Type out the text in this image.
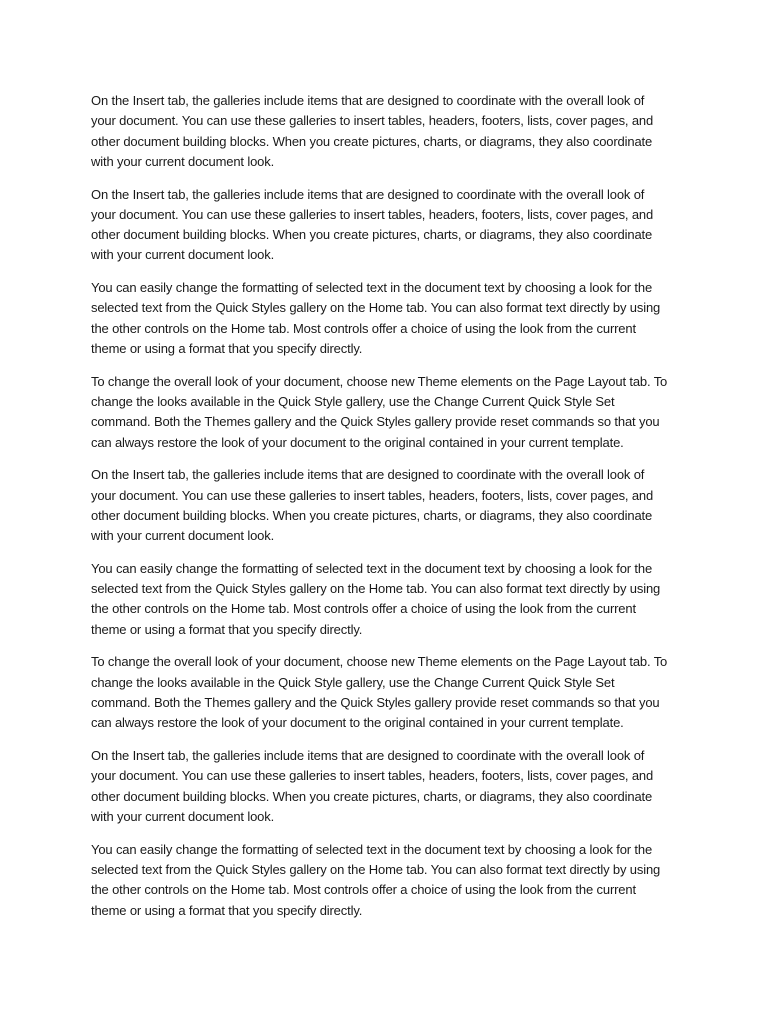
On the Insert tab, the galleries include items that are designed to coordinate with the overall look of your document. You can use these galleries to insert tables, headers, footers, lists, cover pages, and other document building blocks. When you create pictures, charts, or diagrams, they also coordinate with your current document look.

On the Insert tab, the galleries include items that are designed to coordinate with the overall look of your document. You can use these galleries to insert tables, headers, footers, lists, cover pages, and other document building blocks. When you create pictures, charts, or diagrams, they also coordinate with your current document look.

You can easily change the formatting of selected text in the document text by choosing a look for the selected text from the Quick Styles gallery on the Home tab. You can also format text directly by using the other controls on the Home tab. Most controls offer a choice of using the look from the current theme or using a format that you specify directly.

To change the overall look of your document, choose new Theme elements on the Page Layout tab. To change the looks available in the Quick Style gallery, use the Change Current Quick Style Set command. Both the Themes gallery and the Quick Styles gallery provide reset commands so that you can always restore the look of your document to the original contained in your current template.

On the Insert tab, the galleries include items that are designed to coordinate with the overall look of your document. You can use these galleries to insert tables, headers, footers, lists, cover pages, and other document building blocks. When you create pictures, charts, or diagrams, they also coordinate with your current document look.

You can easily change the formatting of selected text in the document text by choosing a look for the selected text from the Quick Styles gallery on the Home tab. You can also format text directly by using the other controls on the Home tab. Most controls offer a choice of using the look from the current theme or using a format that you specify directly.

To change the overall look of your document, choose new Theme elements on the Page Layout tab. To change the looks available in the Quick Style gallery, use the Change Current Quick Style Set command. Both the Themes gallery and the Quick Styles gallery provide reset commands so that you can always restore the look of your document to the original contained in your current template.

On the Insert tab, the galleries include items that are designed to coordinate with the overall look of your document. You can use these galleries to insert tables, headers, footers, lists, cover pages, and other document building blocks. When you create pictures, charts, or diagrams, they also coordinate with your current document look.

You can easily change the formatting of selected text in the document text by choosing a look for the selected text from the Quick Styles gallery on the Home tab. You can also format text directly by using the other controls on the Home tab. Most controls offer a choice of using the look from the current theme or using a format that you specify directly.
